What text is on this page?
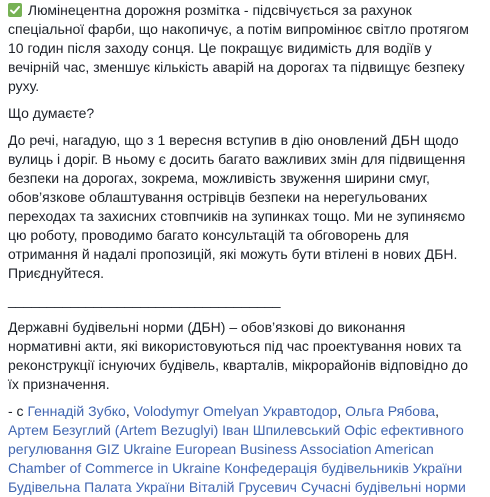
Люмінецентна дорожня розмітка - підсвічується за рахунок спеціальної фарби, що накопичує, а потім випромінює світло протягом 10 годин після заходу сонця. Це покращує видимість для водіїв у вечірній час, зменшує кількість аварій на дорогах та підвищує безпеку руху.

Що думаєте?

До речі, нагадую, що з 1 вересня вступив в дію оновлений ДБН щодо вулиць і доріг. В ньому є досить багато важливих змін для підвищення безпеки на дорогах, зокрема, можливість звуження ширини смуг, обов’язкове облаштування острівців безпеки на нерегульованих переходах та захисних стовпчиків на зупинках тощо. Ми не зупиняємо цю роботу, проводимо багато консультацій та обговорень для отримання й надалі пропозицій, які можуть бути втілені в нових ДБН. Приєднуйтеся.

___________________________________

Державні будівельні норми (ДБН) – обов’язкові до виконання нормативні акти, які використовуються під час проектування нових та реконструкції існуючих будівель, кварталів, мікрорайонів відповідно до їх призначення.

- с Геннадій Зубко, Volodymyr Omelyan Укравтодор, Ольга Рябова, Артем Безуглий (Artem Bezuglyi) Іван Шпилевський Офіс ефективного регулювання GIZ Ukraine European Business Association American Chamber of Commerce in Ukraine Конфедерація будівельників України Будівельна Палата України Віталій Грусевич Сучасні будівельні норми
